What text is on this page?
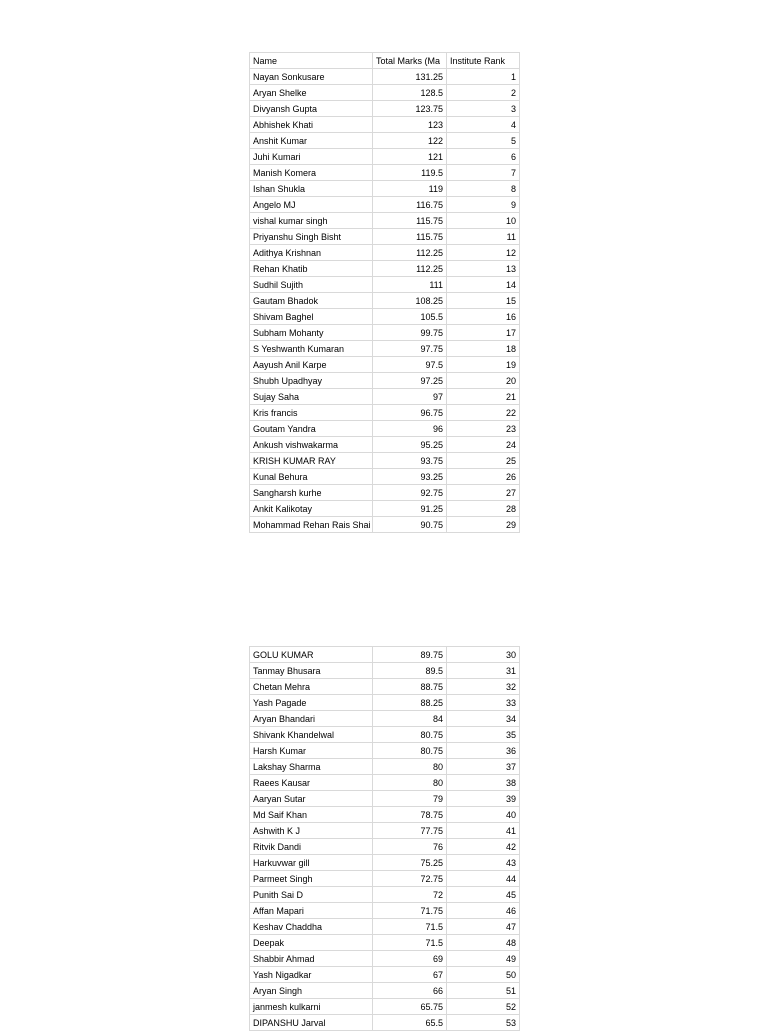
Name	Total Marks (Ma	Institute Rank
Nayan Sonkusare	131.25	1
Aryan Shelke	128.5	2
Divyansh Gupta	123.75	3
Abhishek Khati	123	4
Anshit Kumar	122	5
Juhi Kumari	121	6
Manish Komera	119.5	7
Ishan Shukla	119	8
Angelo MJ	116.75	9
vishal kumar singh	115.75	10
Priyanshu Singh Bisht	115.75	11
Adithya Krishnan	112.25	12
Rehan Khatib	112.25	13
Sudhil Sujith	111	14
Gautam Bhadok	108.25	15
Shivam Baghel	105.5	16
Subham Mohanty	99.75	17
S Yeshwanth Kumaran	97.75	18
Aayush Anil Karpe	97.5	19
Shubh Upadhyay	97.25	20
Sujay Saha	97	21
Kris francis	96.75	22
Goutam Yandra	96	23
Ankush vishwakarma	95.25	24
KRISH KUMAR RAY	93.75	25
Kunal Behura	93.25	26
Sangharsh kurhe	92.75	27
Ankit Kalikotay	91.25	28
Mohammad Rehan Rais Shai	90.75	29
GOLU KUMAR	89.75	30
Tanmay Bhusara	89.5	31
Chetan Mehra	88.75	32
Yash Pagade	88.25	33
Aryan Bhandari	84	34
Shivank Khandelwal	80.75	35
Harsh Kumar	80.75	36
Lakshay Sharma	80	37
Raees Kausar	80	38
Aaryan Sutar	79	39
Md Saif Khan	78.75	40
Ashwith K J	77.75	41
Ritvik Dandi	76	42
Harkuvwar gill	75.25	43
Parmeet Singh	72.75	44
Punith Sai D	72	45
Affan Mapari	71.75	46
Keshav Chaddha	71.5	47
Deepak	71.5	48
Shabbir Ahmad	69	49
Yash Nigadkar	67	50
Aryan Singh	66	51
janmesh kulkarni	65.75	52
DIPANSHU Jarval	65.5	53
